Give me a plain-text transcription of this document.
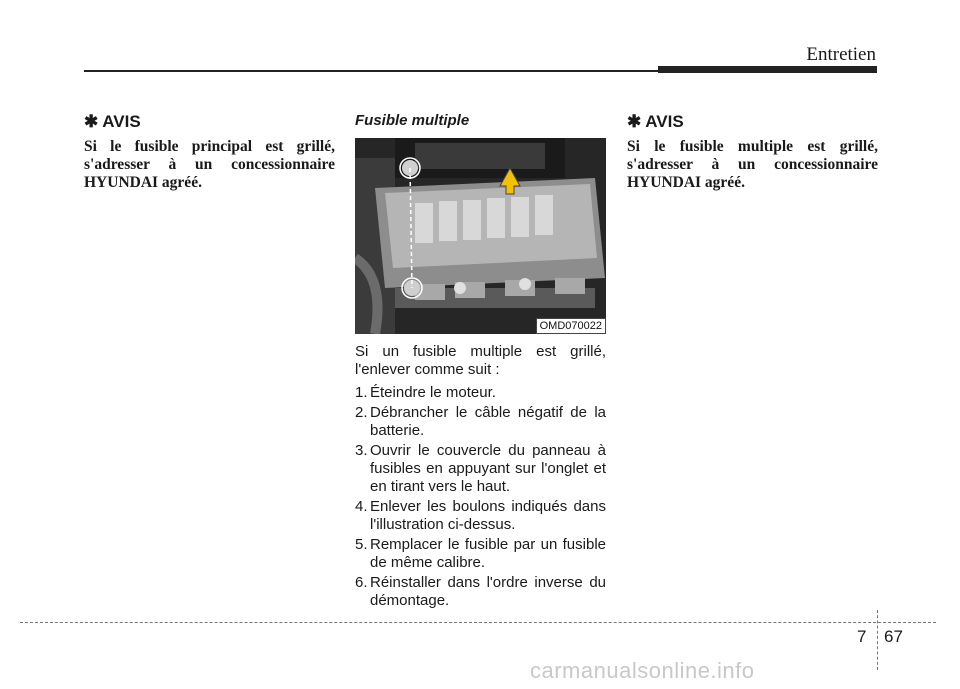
Entretien
✱ AVIS

Si le fusible principal est grillé, s'adresser à un concessionnaire HYUNDAI agréé.

Fusible multiple
OMD070022

Si un fusible multiple est grillé, l'enlever comme suit :

1. Éteindre le moteur.
2. Débrancher le câble négatif de la batterie.
3. Ouvrir le couvercle du panneau à fusibles en appuyant sur l'onglet et en tirant vers le haut.
4. Enlever les boulons indiqués dans l'illustration ci-dessus.
5. Remplacer le fusible par un fusible de même calibre.
6. Réinstaller dans l'ordre inverse du démontage.
✱ AVIS

Si le fusible multiple est grillé, s'adresser à un concessionnaire HYUNDAI agréé.

7 67
carmanualsonline.info
